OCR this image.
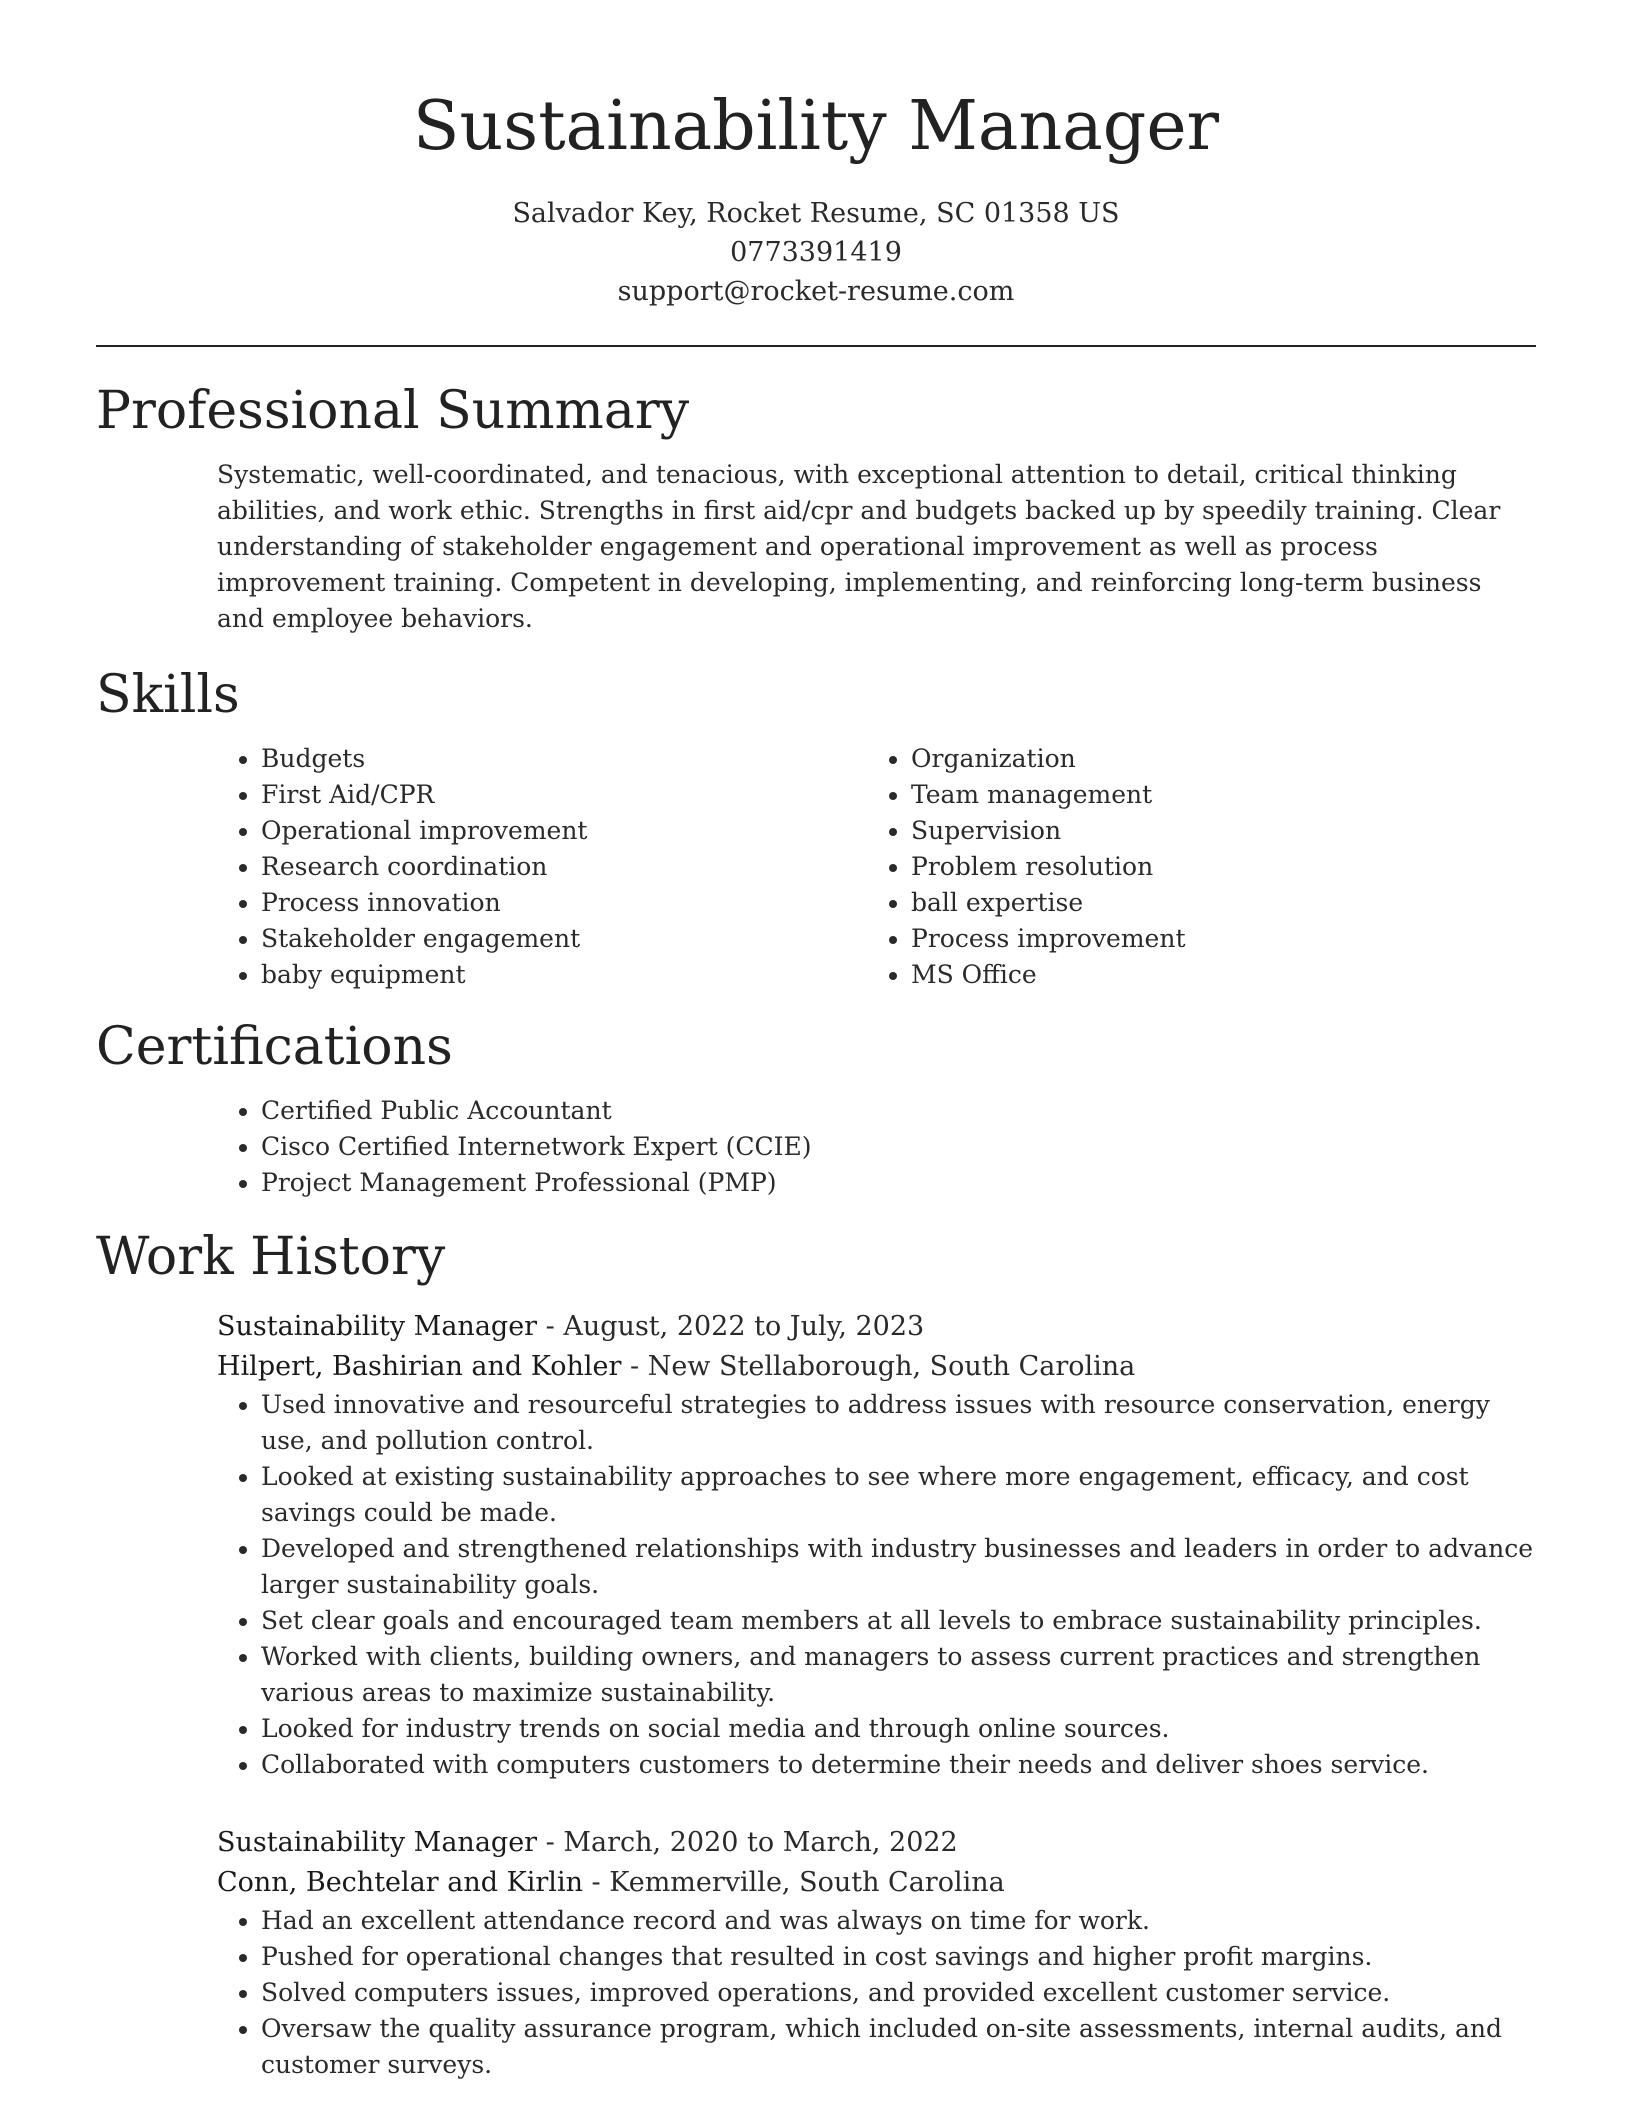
Sustainability Manager
Salvador Key, Rocket Resume, SC 01358 US
0773391419
support@rocket-resume.com
Professional Summary

Systematic, well-coordinated, and tenacious, with exceptional attention to detail, critical thinking abilities, and work ethic. Strengths in first aid/cpr and budgets backed up by speedily training. Clear understanding of stakeholder engagement and operational improvement as well as process improvement training. Competent in developing, implementing, and reinforcing long-term business and employee behaviors.

Skills
• Budgets
• First Aid/CPR
• Operational improvement
• Research coordination
• Process innovation
• Stakeholder engagement
• baby equipment
• Organization
• Team management
• Supervision
• Problem resolution
• ball expertise
• Process improvement
• MS Office
Certifications
• Certified Public Accountant
• Cisco Certified Internetwork Expert (CCIE)
• Project Management Professional (PMP)
Work History
Sustainability Manager - August, 2022 to July, 2023
Hilpert, Bashirian and Kohler - New Stellaborough, South Carolina
• Used innovative and resourceful strategies to address issues with resource conservation, energy use, and pollution control.
• Looked at existing sustainability approaches to see where more engagement, efficacy, and cost savings could be made.
• Developed and strengthened relationships with industry businesses and leaders in order to advance larger sustainability goals.
• Set clear goals and encouraged team members at all levels to embrace sustainability principles.
• Worked with clients, building owners, and managers to assess current practices and strengthen various areas to maximize sustainability.
• Looked for industry trends on social media and through online sources.
• Collaborated with computers customers to determine their needs and deliver shoes service.
Sustainability Manager - March, 2020 to March, 2022
Conn, Bechtelar and Kirlin - Kemmerville, South Carolina
• Had an excellent attendance record and was always on time for work.
• Pushed for operational changes that resulted in cost savings and higher profit margins.
• Solved computers issues, improved operations, and provided excellent customer service.
• Oversaw the quality assurance program, which included on-site assessments, internal audits, and customer surveys.
